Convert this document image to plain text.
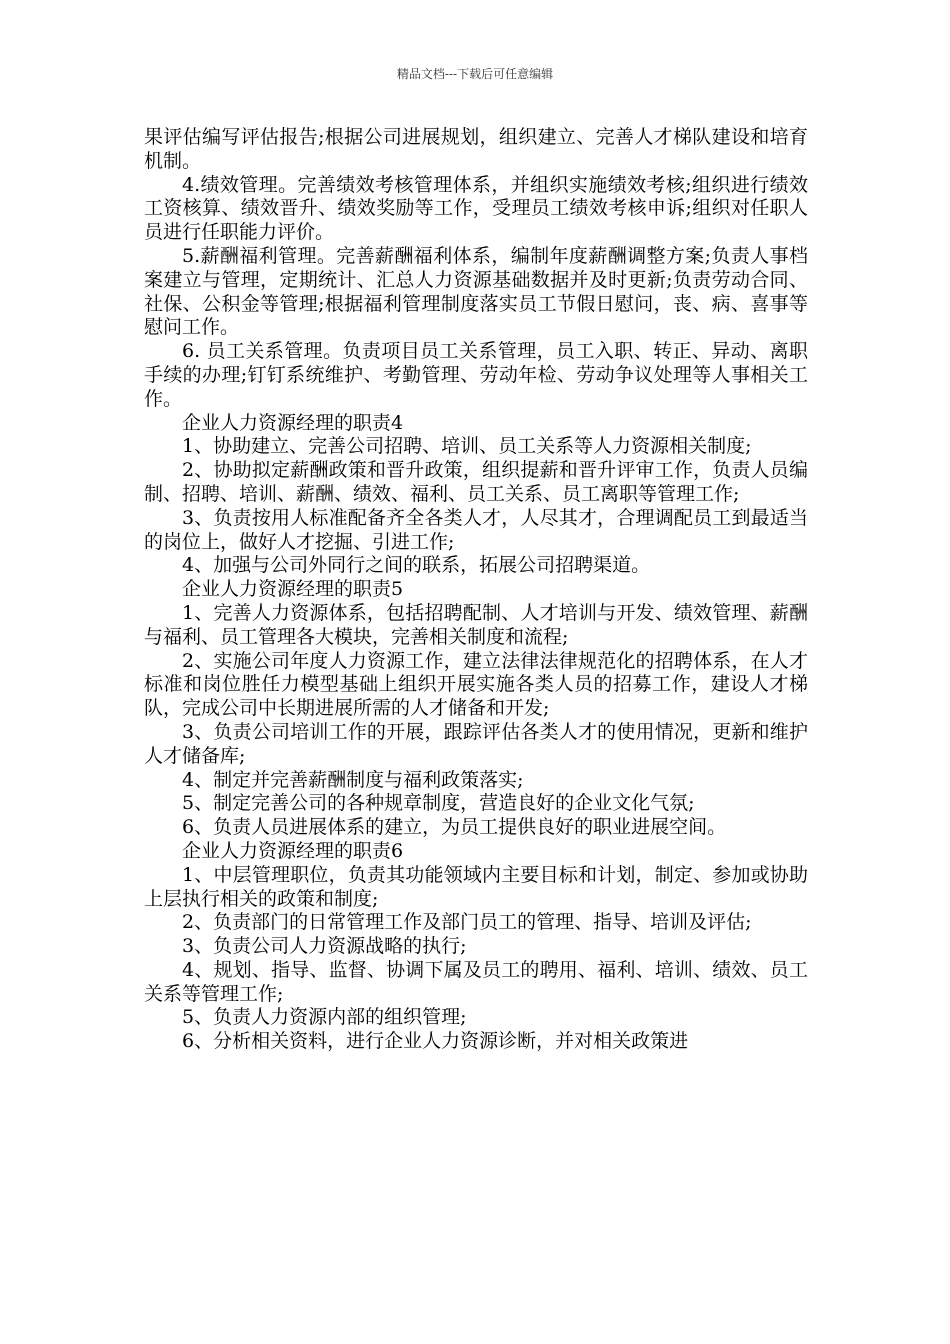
精品文档---下载后可任意编辑

果评估编写评估报告;根据公司进展规划，组织建立、完善人才梯队建设和培育机制。

4.绩效管理。完善绩效考核管理体系，并组织实施绩效考核;组织进行绩效工资核算、绩效晋升、绩效奖励等工作，受理员工绩效考核申诉;组织对任职人员进行任职能力评价。

5.薪酬福利管理。完善薪酬福利体系，编制年度薪酬调整方案;负责人事档案建立与管理，定期统计、汇总人力资源基础数据并及时更新;负责劳动合同、社保、公积金等管理;根据福利管理制度落实员工节假日慰问，丧、病、喜事等慰问工作。

6. 员工关系管理。负责项目员工关系管理，员工入职、转正、异动、离职手续的办理;钉钉系统维护、考勤管理、劳动年检、劳动争议处理等人事相关工作。

企业人力资源经理的职责4

1、协助建立、完善公司招聘、培训、员工关系等人力资源相关制度;

2、协助拟定薪酬政策和晋升政策，组织提薪和晋升评审工作，负责人员编制、招聘、培训、薪酬、绩效、福利、员工关系、员工离职等管理工作;

3、负责按用人标准配备齐全各类人才，人尽其才，合理调配员工到最适当的岗位上，做好人才挖掘、引进工作;

4、加强与公司外同行之间的联系，拓展公司招聘渠道。

企业人力资源经理的职责5

1、完善人力资源体系，包括招聘配制、人才培训与开发、绩效管理、薪酬与福利、员工管理各大模块，完善相关制度和流程;

2、实施公司年度人力资源工作，建立法律法律规范化的招聘体系，在人才标准和岗位胜任力模型基础上组织开展实施各类人员的招募工作，建设人才梯队，完成公司中长期进展所需的人才储备和开发;

3、负责公司培训工作的开展，跟踪评估各类人才的使用情况，更新和维护人才储备库;

4、制定并完善薪酬制度与福利政策落实;

5、制定完善公司的各种规章制度，营造良好的企业文化气氛;

6、负责人员进展体系的建立，为员工提供良好的职业进展空间。

企业人力资源经理的职责6

1、中层管理职位，负责其功能领域内主要目标和计划，制定、参加或协助上层执行相关的政策和制度;

2、负责部门的日常管理工作及部门员工的管理、指导、培训及评估;

3、负责公司人力资源战略的执行;

4、规划、指导、监督、协调下属及员工的聘用、福利、培训、绩效、员工关系等管理工作;

5、负责人力资源内部的组织管理;

6、分析相关资料，进行企业人力资源诊断，并对相关政策进
